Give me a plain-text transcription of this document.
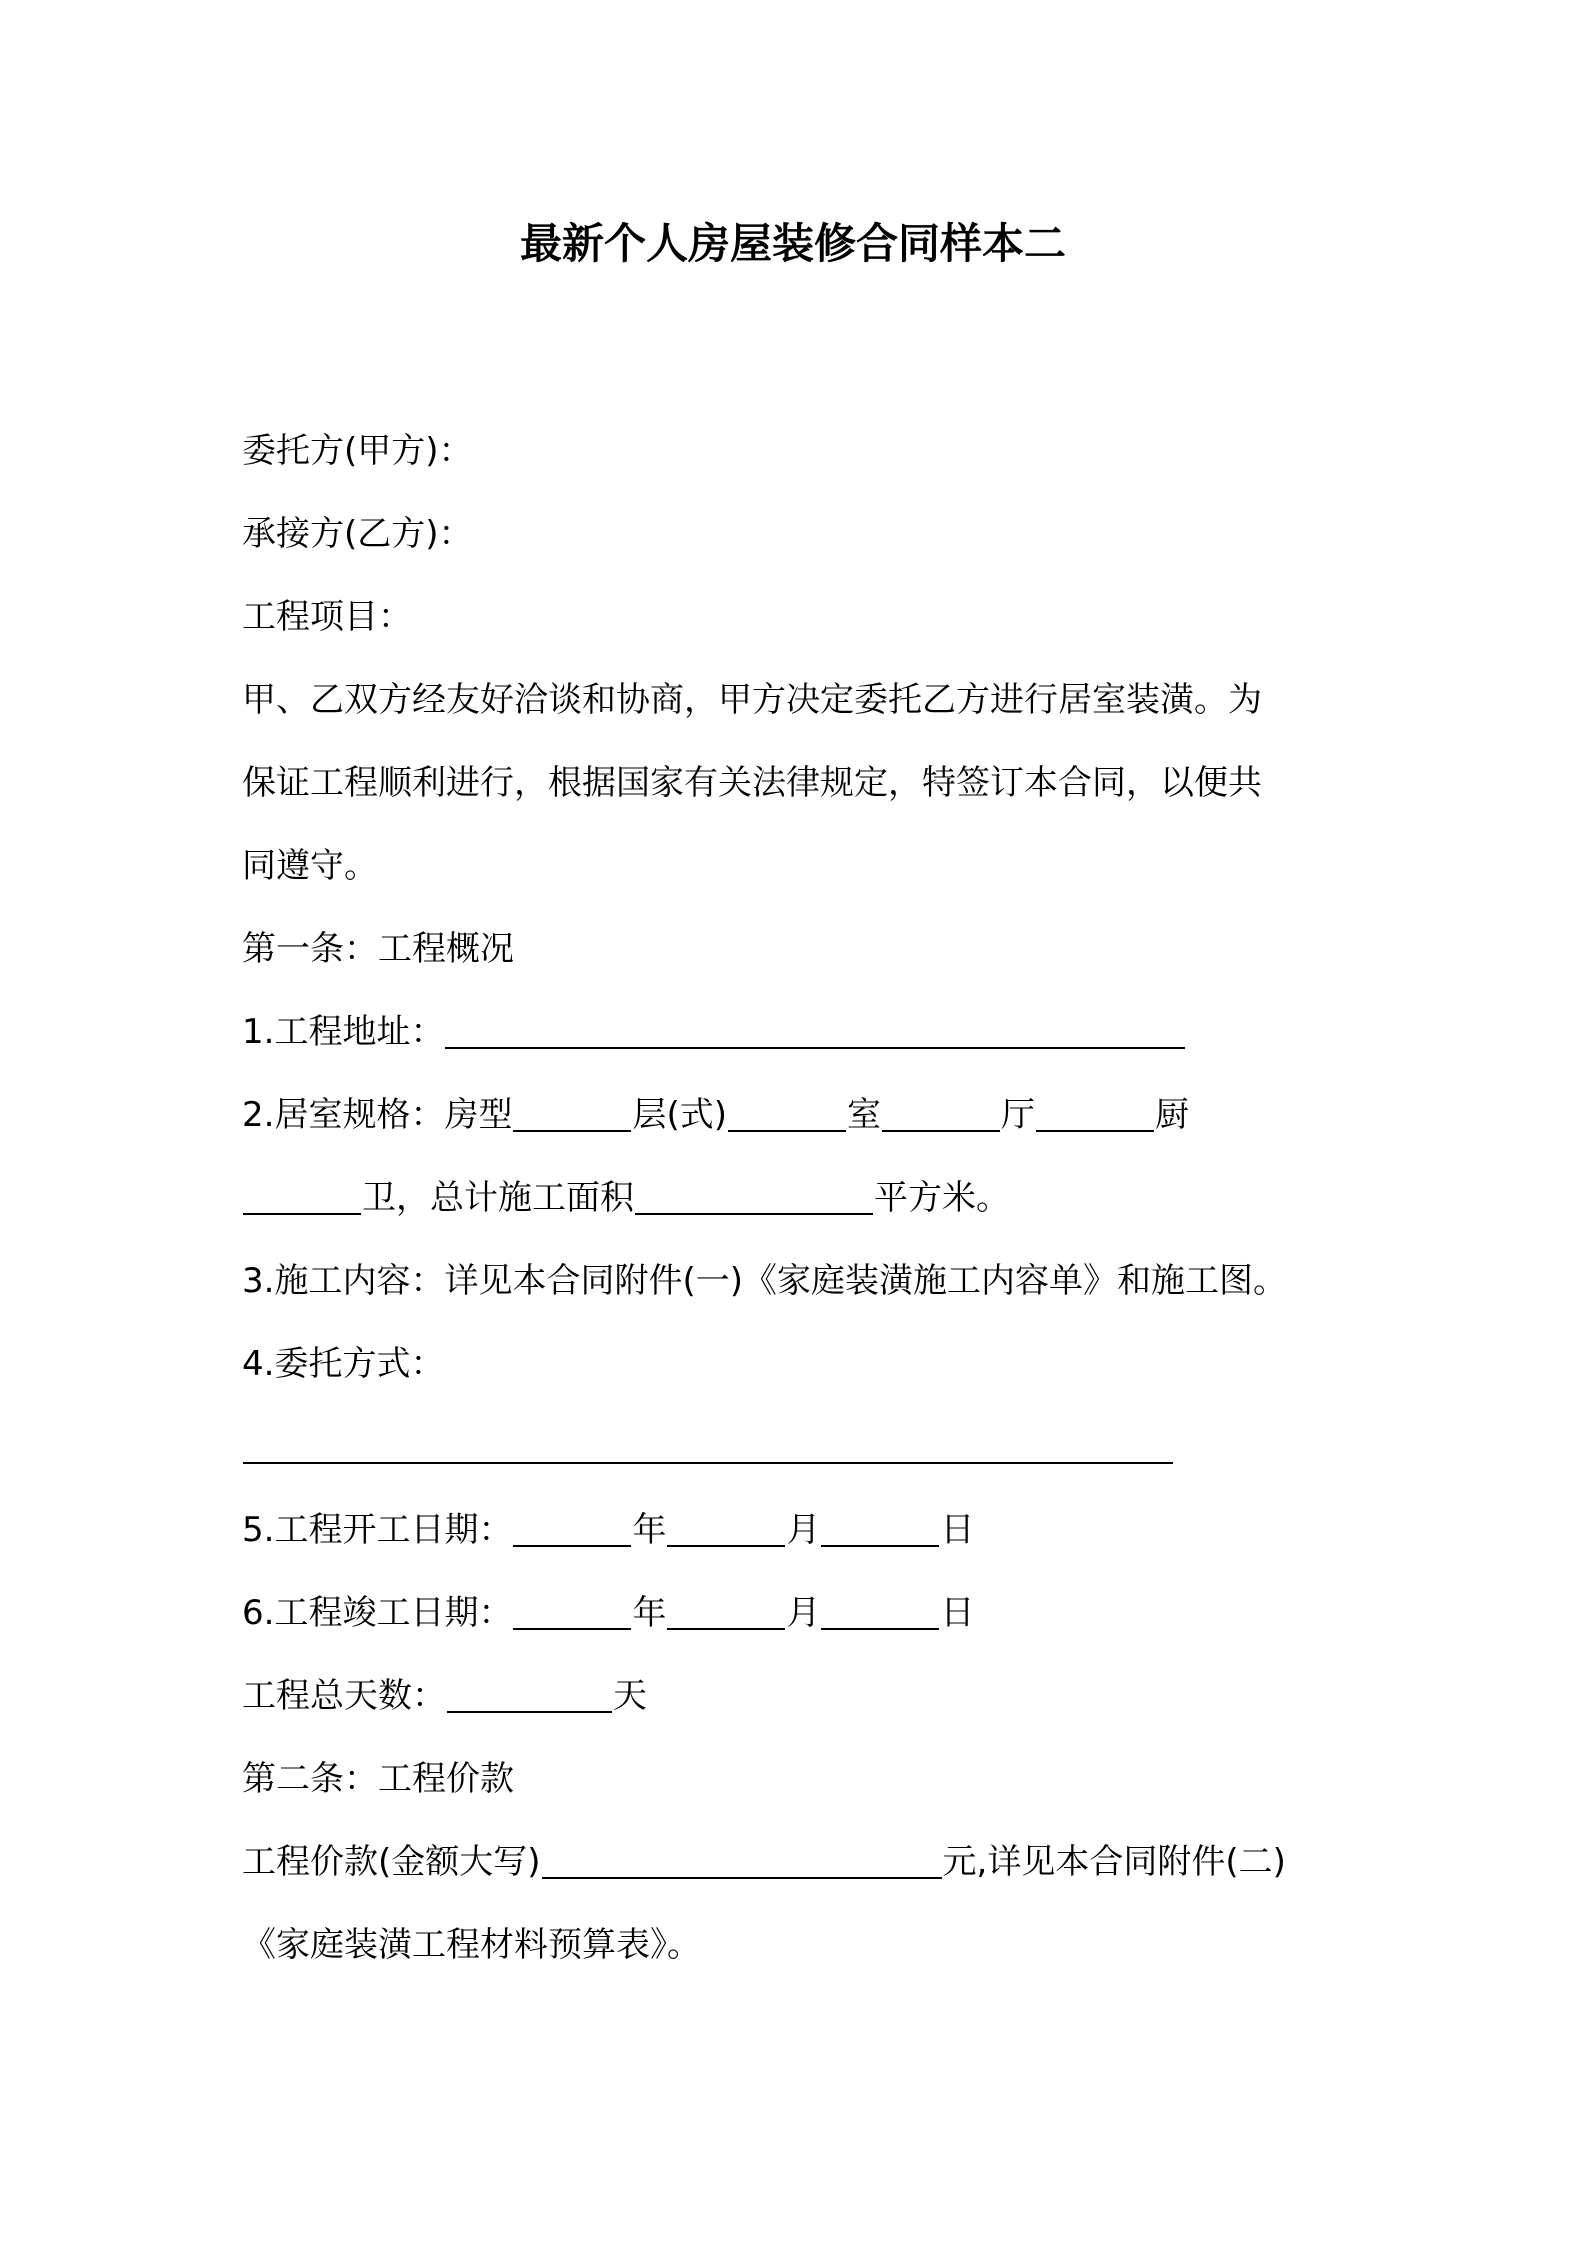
最新个人房屋装修合同样本二
委托方(甲方)：
承接方(乙方)：
工程项目：
甲、乙双方经友好洽谈和协商，甲方决定委托乙方进行居室装潢。为
保证工程顺利进行，根据国家有关法律规定，特签订本合同，以便共
同遵守。
第一条：工程概况
1.工程地址：
2.居室规格：房型	层(式)	室	厅	厨
卫，总计施工面积	平方米。
3.施工内容：详见本合同附件(一)《家庭装潢施工内容单》和施工图。
4.委托方式：
5.工程开工日期：	年	月	日
6.工程竣工日期：	年	月	日
工程总天数：	天
第二条：工程价款
工程价款(金额大写)	元,详见本合同附件(二)
《家庭装潢工程材料预算表》。
